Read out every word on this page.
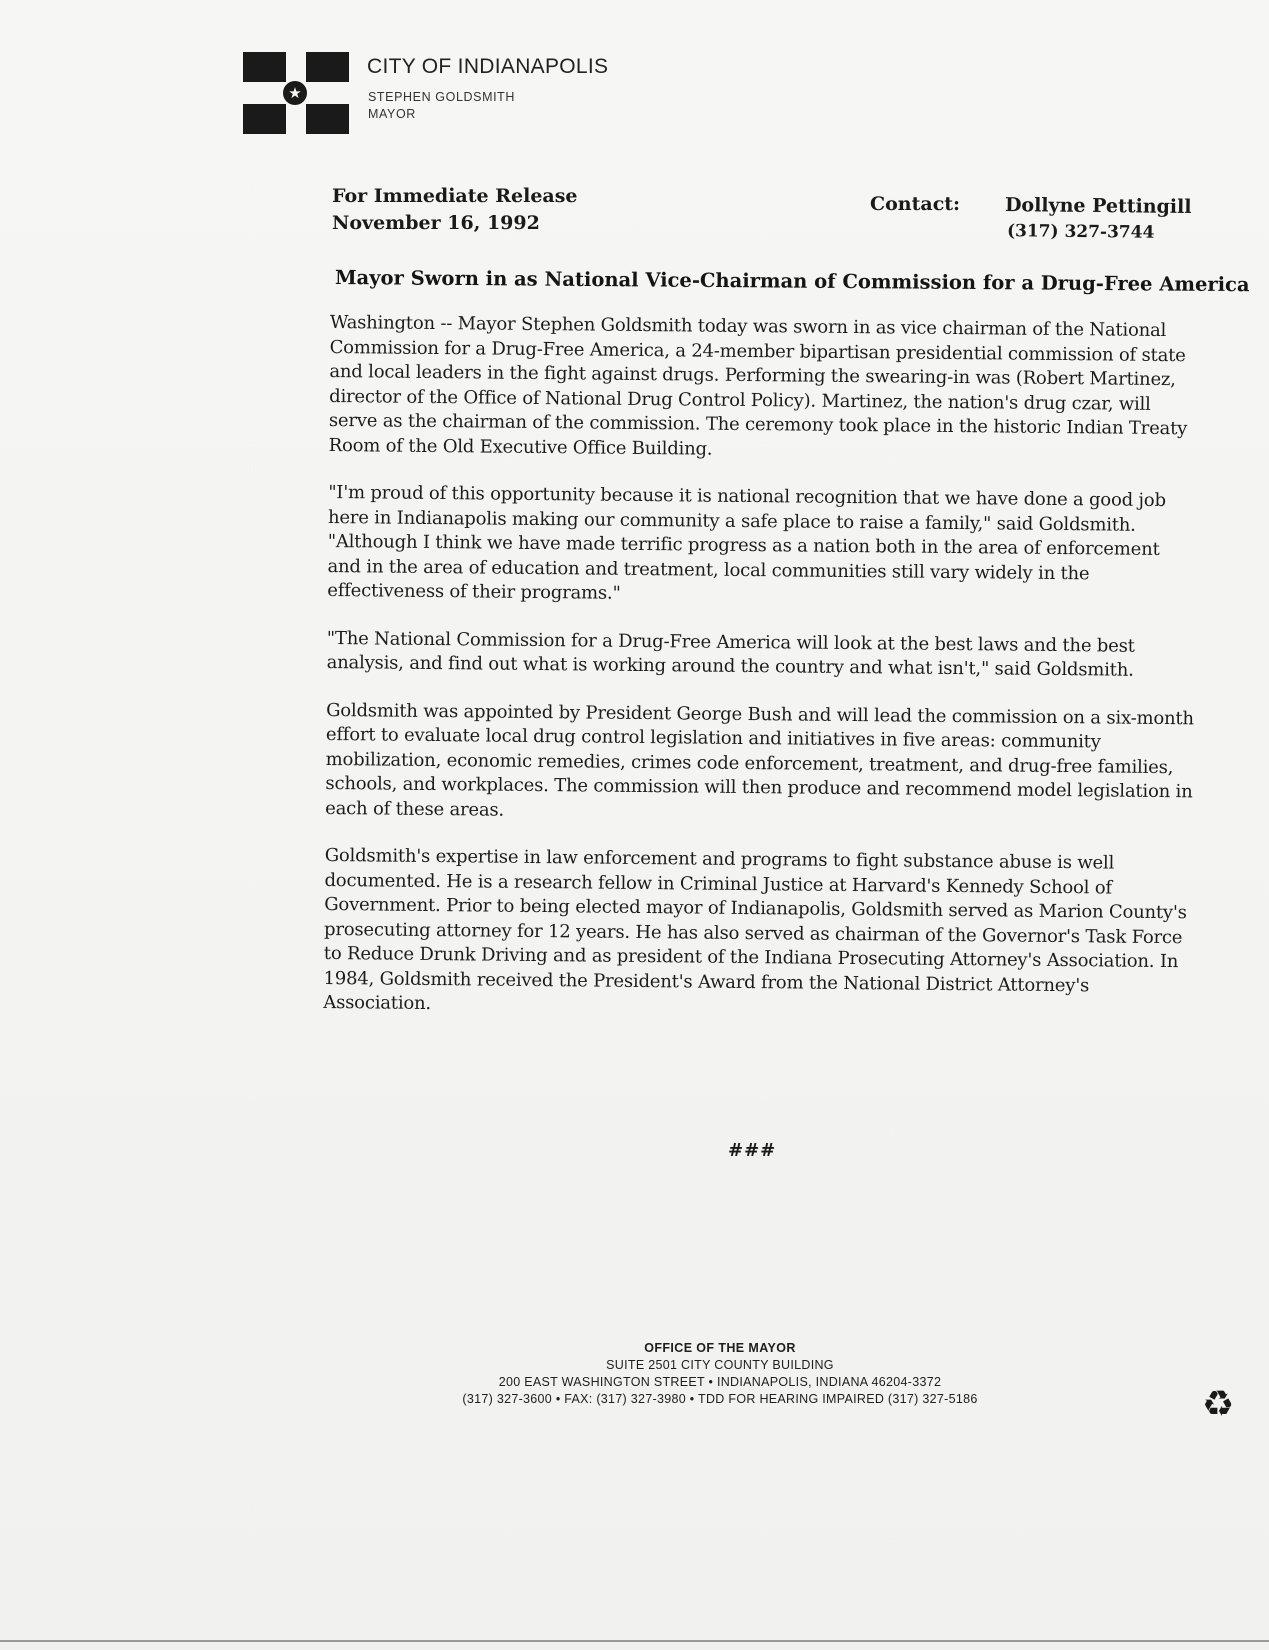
★
CITY OF INDIANAPOLIS
STEPHEN GOLDSMITH
MAYOR
For Immediate Release
November 16, 1992
Contact: Dollyne Pettingill
(317) 327-3744
Mayor Sworn in as National Vice-Chairman of Commission for a Drug-Free America

Washington -- Mayor Stephen Goldsmith today was sworn in as vice chairman of the National Commission for a Drug-Free America, a 24-member bipartisan presidential commission of state and local leaders in the fight against drugs. Performing the swearing-in was (Robert Martinez, director of the Office of National Drug Control Policy). Martinez, the nation's drug czar, will serve as the chairman of the commission. The ceremony took place in the historic Indian Treaty Room of the Old Executive Office Building.

"I'm proud of this opportunity because it is national recognition that we have done a good job here in Indianapolis making our community a safe place to raise a family," said Goldsmith. "Although I think we have made terrific progress as a nation both in the area of enforcement and in the area of education and treatment, local communities still vary widely in the effectiveness of their programs."

"The National Commission for a Drug-Free America will look at the best laws and the best analysis, and find out what is working around the country and what isn't," said Goldsmith.

Goldsmith was appointed by President George Bush and will lead the commission on a six-month effort to evaluate local drug control legislation and initiatives in five areas: community mobilization, economic remedies, crimes code enforcement, treatment, and drug-free families, schools, and workplaces. The commission will then produce and recommend model legislation in each of these areas.

Goldsmith's expertise in law enforcement and programs to fight substance abuse is well documented. He is a research fellow in Criminal Justice at Harvard's Kennedy School of Government. Prior to being elected mayor of Indianapolis, Goldsmith served as Marion County's prosecuting attorney for 12 years. He has also served as chairman of the Governor's Task Force to Reduce Drunk Driving and as president of the Indiana Prosecuting Attorney's Association. In 1984, Goldsmith received the President's Award from the National District Attorney's Association.

###
OFFICE OF THE MAYOR
SUITE 2501 CITY COUNTY BUILDING
200 EAST WASHINGTON STREET • INDIANAPOLIS, INDIANA 46204-3372
(317) 327-3600 • FAX: (317) 327-3980 • TDD FOR HEARING IMPAIRED (317) 327-5186	♻
